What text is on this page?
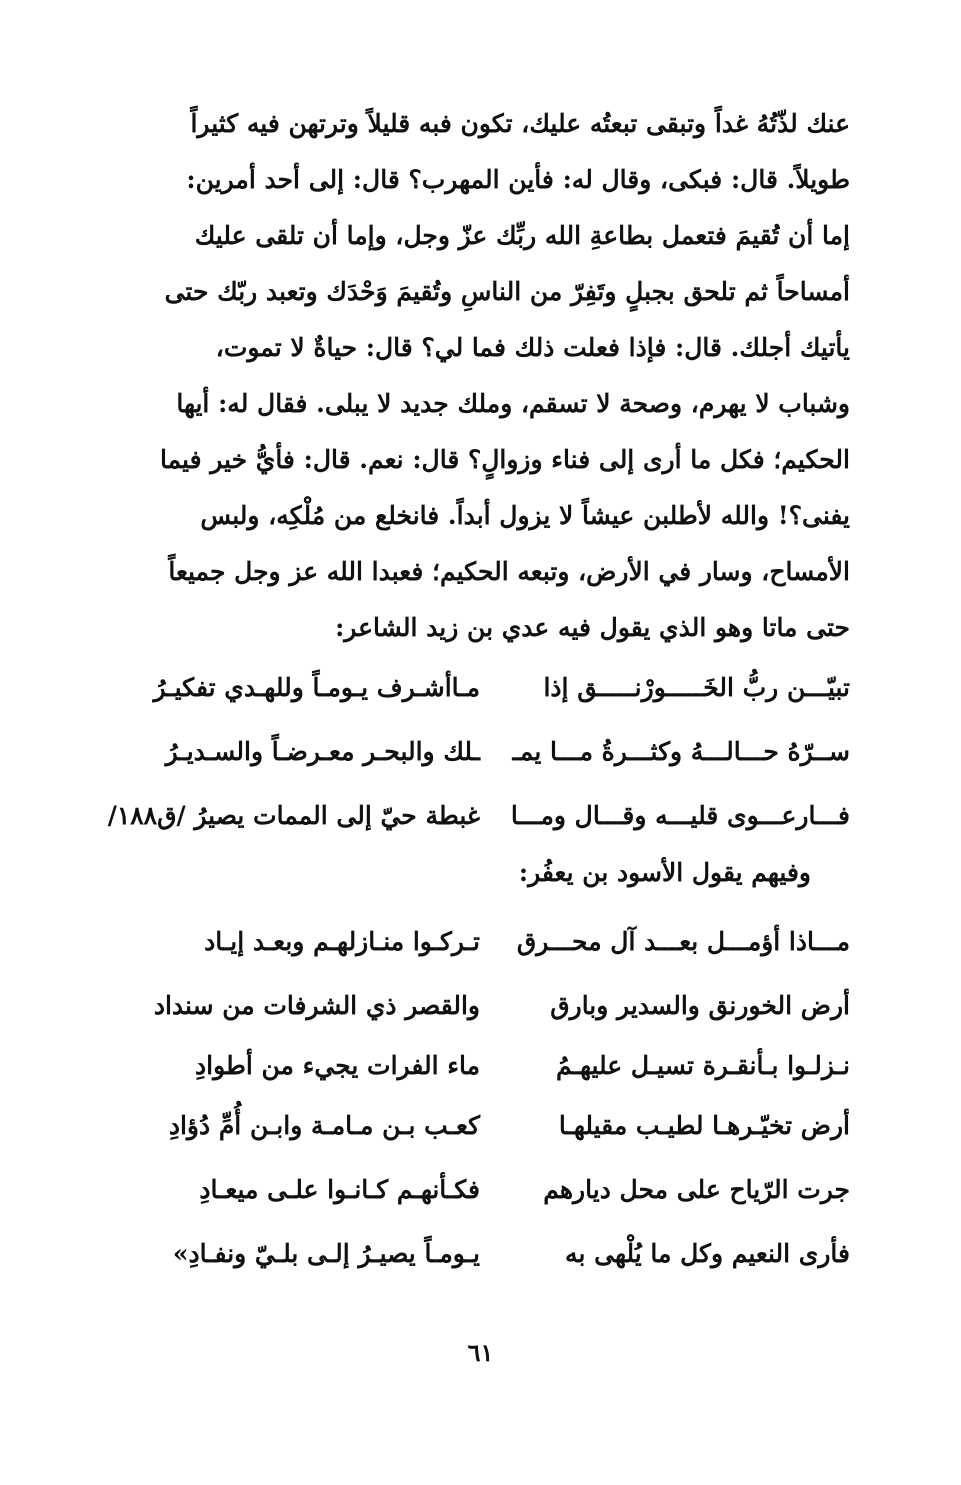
عنك لذّتُهُ غداً وتبقى تبعتُه عليك، تكون فبه قليلاً وترتهن فيه كثيراً
طويلاً. قال: فبكى، وقال له: فأين المهرب؟ قال: إلى أحد أمرين:
إما أن تُقيمَ فتعمل بطاعةِ الله ربِّك عزّ وجل، وإما أن تلقى عليك
أمساحاً ثم تلحق بجبلٍ وتَفِرّ من الناسِ وتُقيمَ وَحْدَك وتعبد ربّك حتى
يأتيك أجلك. قال: فإذا فعلت ذلك فما لي؟ قال: حياةٌ لا تموت،
وشباب لا يهرم، وصحة لا تسقم، وملك جديد لا يبلى. فقال له: أيها
الحكيم؛ فكل ما أرى إلى فناء وزوالٍ؟ قال: نعم. قال: فأيُّ خير فيما
يفنى؟! والله لأطلبن عيشاً لا يزول أبداً. فانخلع من مُلْكِه، ولبس
الأمساح، وسار في الأرض، وتبعه الحكيم؛ فعبدا الله عز وجل جميعاً
حتى ماتا وهو الذي يقول فيه عدي بن زيد الشاعر:
تبيّـــن ربُّ الخَـــــورْنـــــق إذا
مـاأشـرف يـومـاً وللهـدي تفكيـرُ
ســرّهُ حـــالـــهُ وكثـــرةُ مـــا يمـ
ـلك والبحـر معـرضـاً والسـديـرُ
فـــارعـــوى قليـــه وقـــال ومـــا
غبطة حيّ إلى الممات يصيرُ /ق۱۸۸/
وفيهم يقول الأسود بن يعفُر:
مـــاذا أؤمـــل بعـــد آل محـــرق
تـركـوا منـازلهـم وبعـد إيـاد
أرض الخورنق والسدير وبارق
والقصر ذي الشرفات من سنداد
نـزلـوا بـأنقـرة تسيـل عليهـمُ
ماء الفرات يجيء من أطوادِ
أرض تخيّـرهـا لطيـب مقيلهـا
كعـب بـن مـامـة وابـن أُمِّ دُؤادِ
جرت الرّياح على محل ديارهم
فكـأنهـم كـانـوا علـى ميعـادِ
فأرى النعيم وكل ما يُلْهى به
يـومـاً يصيـرُ إلـى بلـيّ ونفـادِ»
٦١
